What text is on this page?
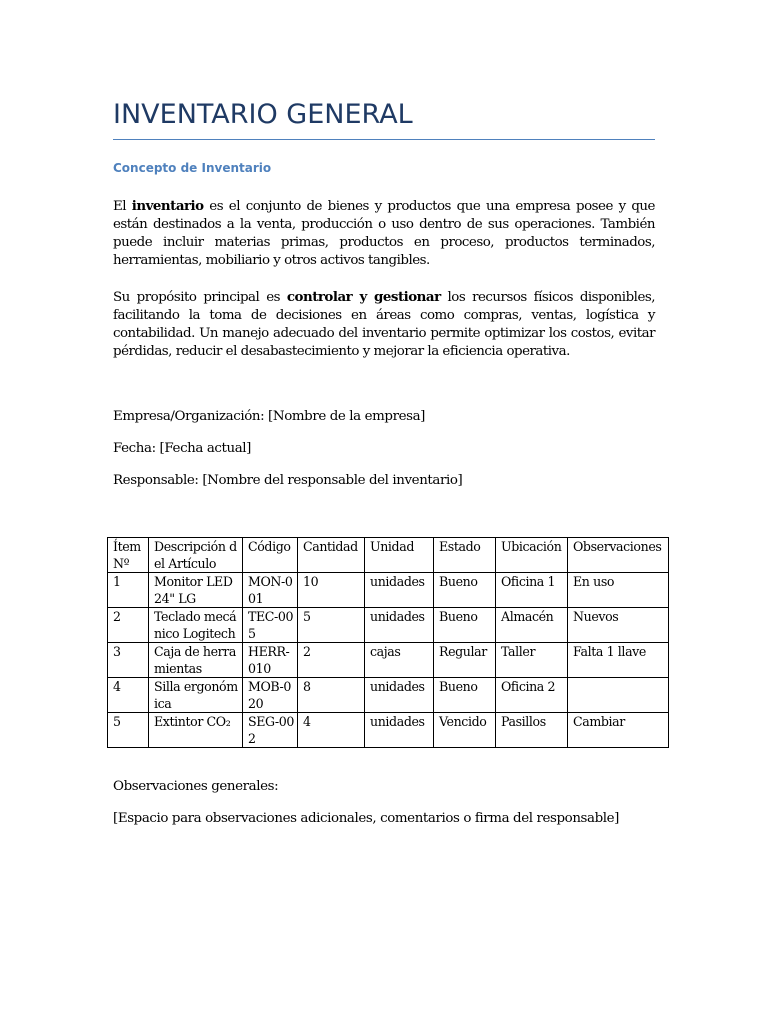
INVENTARIO GENERAL
Concepto de Inventario

El inventario es el conjunto de bienes y productos que una empresa posee y que están destinados a la venta, producción o uso dentro de sus operaciones. También puede incluir materias primas, productos en proceso, productos terminados, herramientas, mobiliario y otros activos tangibles.

Su propósito principal es controlar y gestionar los recursos físicos disponibles, facilitando la toma de decisiones en áreas como compras, ventas, logística y contabilidad. Un manejo adecuado del inventario permite optimizar los costos, evitar pérdidas, reducir el desabastecimiento y mejorar la eficiencia operativa.

Empresa/Organización: [Nombre de la empresa]

Fecha: [Fecha actual]

Responsable: [Nombre del responsable del inventario]

Ítem Nº	Descripción del Artículo	Código	Cantidad	Unidad	Estado	Ubicación	Observaciones
1	Monitor LED 24" LG	MON-001	10	unidades	Bueno	Oficina 1	En uso
2	Teclado mecánico Logitech	TEC-005	5	unidades	Bueno	Almacén	Nuevos
3	Caja de herramientas	HERR-010	2	cajas	Regular	Taller	Falta 1 llave
4	Silla ergonómica	MOB-020	8	unidades	Bueno	Oficina 2	
5	Extintor CO₂	SEG-002	4	unidades	Vencido	Pasillos	Cambiar

Observaciones generales:

[Espacio para observaciones adicionales, comentarios o firma del responsable]
